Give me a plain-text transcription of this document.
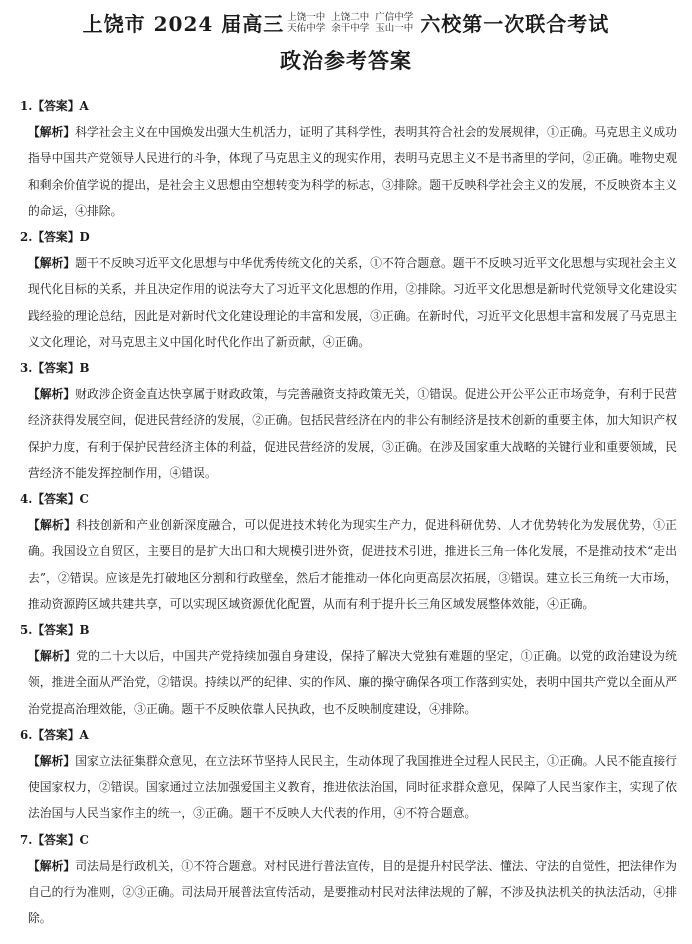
上饶市 2024 届高三 上饶一中
天佑中学
上饶二中
余干中学
广信中学
玉山一中 六校第一次联合考试
政治参考答案
1.【答案】A

【解析】科学社会主义在中国焕发出强大生机活力，证明了其科学性，表明其符合社会的发展规律，①正确。马克思主义成功指导中国共产党领导人民进行的斗争，体现了马克思主义的现实作用，表明马克思主义不是书斋里的学问，②正确。唯物史观和剩余价值学说的提出，是社会主义思想由空想转变为科学的标志，③排除。题干反映科学社会主义的发展，不反映资本主义的命运，④排除。

2.【答案】D

【解析】题干不反映习近平文化思想与中华优秀传统文化的关系，①不符合题意。题干不反映习近平文化思想与实现社会主义现代化目标的关系，并且决定作用的说法夸大了习近平文化思想的作用，②排除。习近平文化思想是新时代党领导文化建设实践经验的理论总结，因此是对新时代文化建设理论的丰富和发展，③正确。在新时代，习近平文化思想丰富和发展了马克思主义文化理论，对马克思主义中国化时代化作出了新贡献，④正确。

3.【答案】B

【解析】财政涉企资金直达快享属于财政政策，与完善融资支持政策无关，①错误。促进公开公平公正市场竞争，有利于民营经济获得发展空间，促进民营经济的发展，②正确。包括民营经济在内的非公有制经济是技术创新的重要主体，加大知识产权保护力度，有利于保护民营经济主体的利益，促进民营经济的发展，③正确。在涉及国家重大战略的关键行业和重要领域，民营经济不能发挥控制作用，④错误。

4.【答案】C

【解析】科技创新和产业创新深度融合，可以促进技术转化为现实生产力，促进科研优势、人才优势转化为发展优势，①正确。我国设立自贸区，主要目的是扩大出口和大规模引进外资，促进技术引进，推进长三角一体化发展，不是推动技术“走出去”，②错误。应该是先打破地区分割和行政壁垒，然后才能推动一体化向更高层次拓展，③错误。建立长三角统一大市场，推动资源跨区域共建共享，可以实现区域资源优化配置，从而有利于提升长三角区域发展整体效能，④正确。

5.【答案】B

【解析】党的二十大以后，中国共产党持续加强自身建设，保持了解决大党独有难题的坚定，①正确。以党的政治建设为统领，推进全面从严治党，②错误。持续以严的纪律、实的作风、廉的操守确保各项工作落到实处，表明中国共产党以全面从严治党提高治理效能，③正确。题干不反映依靠人民执政，也不反映制度建设，④排除。

6.【答案】A

【解析】国家立法征集群众意见，在立法环节坚持人民民主，生动体现了我国推进全过程人民民主，①正确。人民不能直接行使国家权力，②错误。国家通过立法加强爱国主义教育，推进依法治国，同时征求群众意见，保障了人民当家作主，实现了依法治国与人民当家作主的统一，③正确。题干不反映人大代表的作用，④不符合题意。

7.【答案】C

【解析】司法局是行政机关，①不符合题意。对村民进行普法宣传，目的是提升村民学法、懂法、守法的自觉性，把法律作为自己的行为准则，②③正确。司法局开展普法宣传活动，是要推动村民对法律法规的了解，不涉及执法机关的执法活动，④排除。
